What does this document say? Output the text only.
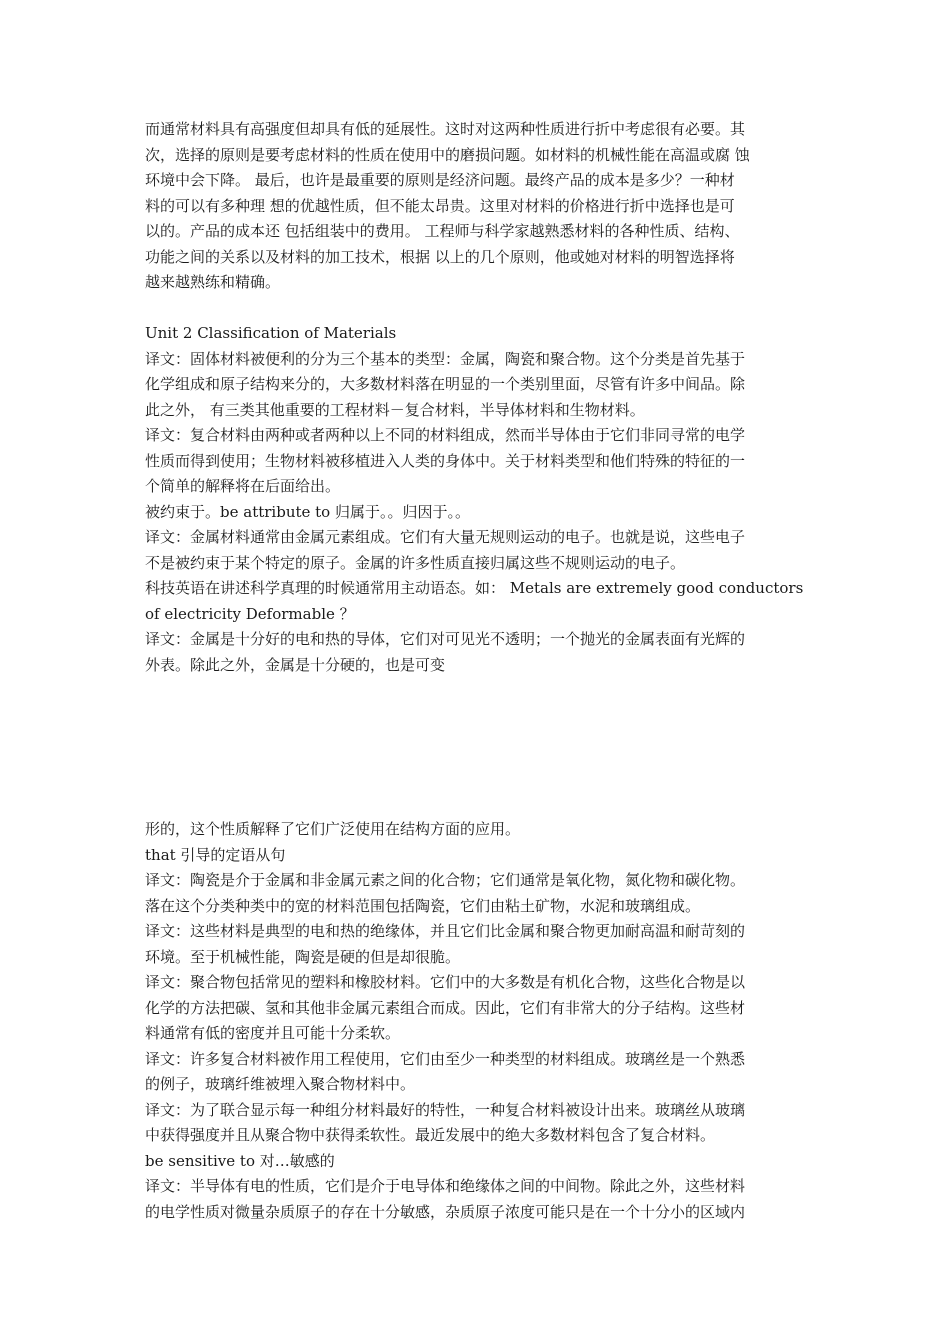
而通常材料具有高强度但却具有低的延展性。这时对这两种性质进行折中考虑很有必要。其
次，选择的原则是要考虑材料的性质在使用中的磨损问题。如材料的机械性能在高温或腐 蚀
环境中会下降。 最后，也许是最重要的原则是经济问题。最终产品的成本是多少？一种材
料的可以有多种理 想的优越性质，但不能太昂贵。这里对材料的价格进行折中选择也是可
以的。产品的成本还 包括组装中的费用。 工程师与科学家越熟悉材料的各种性质、结构、
功能之间的关系以及材料的加工技术，根据 以上的几个原则，他或她对材料的明智选择将
越来越熟练和精确。
Unit 2 Classification of Materials
译文：固体材料被便利的分为三个基本的类型：金属，陶瓷和聚合物。这个分类是首先基于
化学组成和原子结构来分的，大多数材料落在明显的一个类别里面，尽管有许多中间品。除
此之外， 有三类其他重要的工程材料－复合材料，半导体材料和生物材料。
译文：复合材料由两种或者两种以上不同的材料组成，然而半导体由于它们非同寻常的电学
性质而得到使用；生物材料被移植进入人类的身体中。关于材料类型和他们特殊的特征的一
个简单的解释将在后面给出。
被约束于。be attribute to 归属于。。归因于。。
译文：金属材料通常由金属元素组成。它们有大量无规则运动的电子。也就是说，这些电子
不是被约束于某个特定的原子。金属的许多性质直接归属这些不规则运动的电子。
科技英语在讲述科学真理的时候通常用主动语态。如： Metals are extremely good conductors
of electricity Deformable ？
译文：金属是十分好的电和热的导体，它们对可见光不透明；一个抛光的金属表面有光辉的
外表。除此之外，金属是十分硬的，也是可变
形的，这个性质解释了它们广泛使用在结构方面的应用。
that 引导的定语从句
译文：陶瓷是介于金属和非金属元素之间的化合物；它们通常是氧化物，氮化物和碳化物。
落在这个分类种类中的宽的材料范围包括陶瓷，它们由粘土矿物，水泥和玻璃组成。
译文：这些材料是典型的电和热的绝缘体，并且它们比金属和聚合物更加耐高温和耐苛刻的
环境。至于机械性能，陶瓷是硬的但是却很脆。
译文：聚合物包括常见的塑料和橡胶材料。它们中的大多数是有机化合物，这些化合物是以
化学的方法把碳、氢和其他非金属元素组合而成。因此，它们有非常大的分子结构。这些材
料通常有低的密度并且可能十分柔软。
译文：许多复合材料被作用工程使用，它们由至少一种类型的材料组成。玻璃丝是一个熟悉
的例子，玻璃纤维被埋入聚合物材料中。
译文：为了联合显示每一种组分材料最好的特性，一种复合材料被设计出来。玻璃丝从玻璃
中获得强度并且从聚合物中获得柔软性。最近发展中的绝大多数材料包含了复合材料。
be sensitive to 对…敏感的
译文：半导体有电的性质，它们是介于电导体和绝缘体之间的中间物。除此之外，这些材料
的电学性质对微量杂质原子的存在十分敏感，杂质原子浓度可能只是在一个十分小的区域内
